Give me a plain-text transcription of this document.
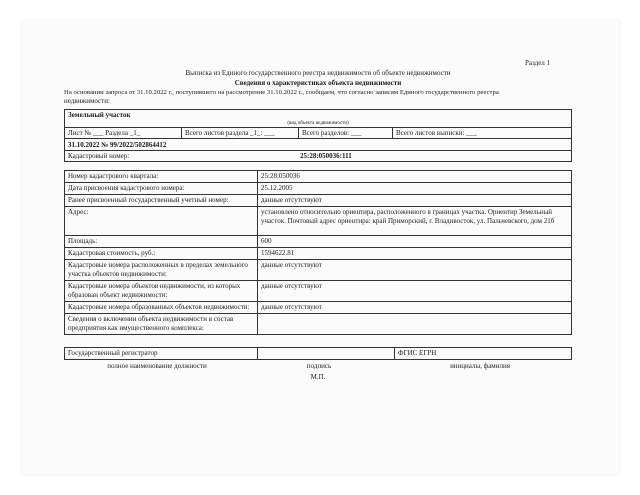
Раздел 1
Выписка из Единого государственного реестра недвижимости об объекте недвижимости
Сведения о характеристиках объекта недвижимости
На основании запроса от 31.10.2022 г., поступившего на рассмотрение 31.10.2022 г., сообщаем, что согласно записям Единого государственного реестра
недвижимости:
Земельный участок
(вид объекта недвижимости)
Лист № ___ Раздела _1_	Всего листов раздела _1_: ___	Всего разделов: ___	Всего листов выписки: ___
31.10.2022 № 99/2022/502864412
Кадастровый номер:	25:28:050036:111
Номер кадастрового квартала:	25:28:050036
Дата присвоения кадастрового номера:	25.12.2005
Ранее присвоенный государственный учетный номер:	данные отсутствуют
Адрес:	установлено относительно ориентира, расположенного в границах участка. Ориентир Земельный участок. Почтовый адрес ориентира: край Приморский, г. Владивосток, ул. Пальчевского, дом 21б
Площадь:	600
Кадастровая стоимость, руб.:	1594622.81
Кадастровые номера расположенных в пределах земельного участка объектов недвижимости:	данные отсутствуют
Кадастровые номера объектов недвижимости, из которых образован объект недвижимости:	данные отсутствуют
Кадастровые номера образованных объектов недвижимости:	данные отсутствуют
Сведения о включении объекта недвижимости в состав предприятия как имущественного комплекса:	
Государственный регистратор		ФГИС ЕГРН
полное наименование должности	подпись	инициалы, фамилия
М.П.
